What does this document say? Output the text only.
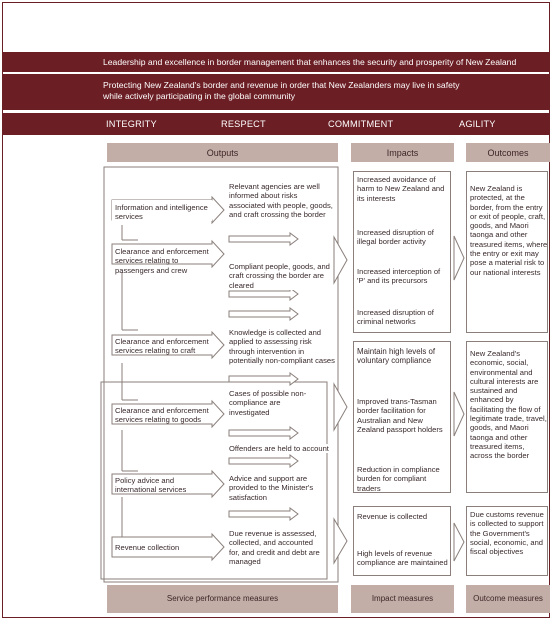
Leadership and excellence in border management that enhances the security and prosperity of New Zealand
Protecting New Zealand's border and revenue in order that New Zealanders may live in safety while actively participating in the global community
INTEGRITY	RESPECT	COMMITMENT	AGILITY
Outputs	Impacts	Outcomes
Information and intelligence services
Clearance and enforcement services relating to passengers and crew
Clearance and enforcement services relating to craft
Clearance and enforcement services relating to goods
Policy advice and international services
Revenue collection
Relevant agencies are well informed about risks associated with people, goods, and craft crossing the border
Compliant people, goods, and craft crossing the border are cleared
Knowledge is collected and applied to assessing risk through intervention in potentially non-compliant cases
Cases of possible non-compliance are investigated
Offenders are held to account
Advice and support are provided to the Minister's satisfaction
Due revenue is assessed, collected, and accounted for, and credit and debt are managed
Increased avoidance of harm to New Zealand and its interests
Increased disruption of illegal border activity
Increased interception of 'P' and its precursors
Increased disruption of criminal networks
Maintain high levels of voluntary compliance
Improved trans-Tasman border facilitation for Australian and New Zealand passport holders
Reduction in compliance burden for compliant traders
Revenue is collected
High levels of revenue compliance are maintained
New Zealand is protected, at the border, from the entry or exit of people, craft, goods, and Maori taonga and other treasured items, where the entry or exit may pose a material risk to our national interests
New Zealand's economic, social, environmental and cultural interests are sustained and enhanced by facilitating the flow of legitimate trade, travel, goods, and Maori taonga and other treasured items, across the border
Due customs revenue is collected to support the Government's social, economic, and fiscal objectives
Service performance measures	Impact measures	Outcome measures
